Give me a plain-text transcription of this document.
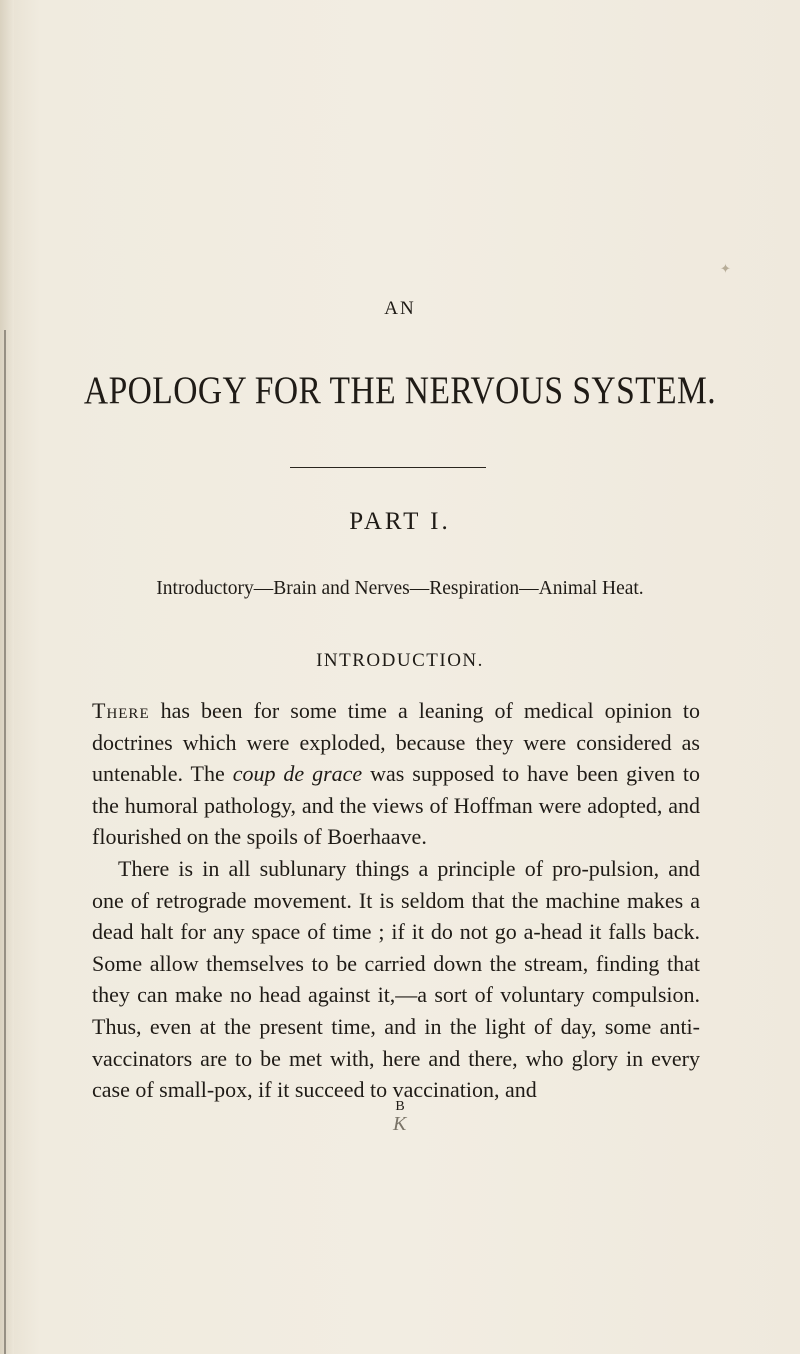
✦
AN
APOLOGY FOR THE NERVOUS SYSTEM.
PART I.
Introductory—Brain and Nerves—Respiration—Animal Heat.
INTRODUCTION.

There has been for some time a leaning of medical opinion to doctrines which were exploded, because they were considered as untenable. The coup de grace was supposed to have been given to the humoral pathology, and the views of Hoffman were adopted, and flourished on the spoils of Boerhaave.

There is in all sublunary things a principle of pro-pulsion, and one of retrograde movement. It is seldom that the machine makes a dead halt for any space of time ; if it do not go a-head it falls back. Some allow themselves to be carried down the stream, finding that they can make no head against it,—a sort of voluntary compulsion. Thus, even at the present time, and in the light of day, some anti-vaccinators are to be met with, here and there, who glory in every case of small-pox, if it succeed to vaccination, and

B
K
